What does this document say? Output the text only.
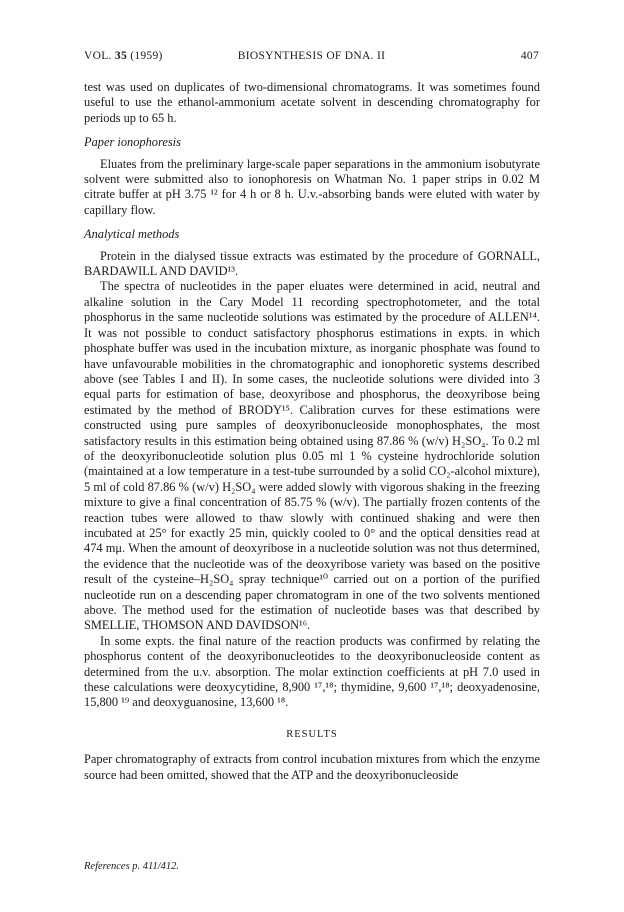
VOL. 35 (1959)	BIOSYNTHESIS OF DNA. II	407

test was used on duplicates of two-dimensional chromatograms. It was sometimes found useful to use the ethanol-ammonium acetate solvent in descending chromatography for periods up to 65 h.

Paper ionophoresis

Eluates from the preliminary large-scale paper separations in the ammonium isobutyrate solvent were submitted also to ionophoresis on Whatman No. 1 paper strips in 0.02 M citrate buffer at pH 3.75 ¹² for 4 h or 8 h. U.v.-absorbing bands were eluted with water by capillary flow.

Analytical methods

Protein in the dialysed tissue extracts was estimated by the procedure of GORNALL, BARDAWILL AND DAVID¹³.

The spectra of nucleotides in the paper eluates were determined in acid, neutral and alkaline solution in the Cary Model 11 recording spectrophotometer, and the total phosphorus in the same nucleotide solutions was estimated by the procedure of ALLEN¹⁴. It was not possible to conduct satisfactory phosphorus estimations in expts. in which phosphate buffer was used in the incubation mixture, as inorganic phosphate was found to have unfavourable mobilities in the chromatographic and ionophoretic systems described above (see Tables I and II). In some cases, the nucleotide solutions were divided into 3 equal parts for estimation of base, deoxyribose and phosphorus, the deoxyribose being estimated by the method of BRODY¹⁵. Calibration curves for these estimations were constructed using pure samples of deoxyribonucleoside monophosphates, the most satisfactory results in this estimation being obtained using 87.86 % (w/v) H₂SO₄. To 0.2 ml of the deoxyribonucleotide solution plus 0.05 ml 1 % cysteine hydrochloride solution (maintained at a low temperature in a test-tube surrounded by a solid CO₂-alcohol mixture), 5 ml of cold 87.86 % (w/v) H₂SO₄ were added slowly with vigorous shaking in the freezing mixture to give a final concentration of 85.75 % (w/v). The partially frozen contents of the reaction tubes were allowed to thaw slowly with continued shaking and were then incubated at 25° for exactly 25 min, quickly cooled to 0° and the optical densities read at 474 mμ. When the amount of deoxyribose in a nucleotide solution was not thus determined, the evidence that the nucleotide was of the deoxyribose variety was based on the positive result of the cysteine–H₂SO₄ spray technique¹⁰ carried out on a portion of the purified nucleotide run on a descending paper chromatogram in one of the two solvents mentioned above. The method used for the estimation of nucleotide bases was that described by SMELLIE, THOMSON AND DAVIDSON¹⁶.

In some expts. the final nature of the reaction products was confirmed by relating the phosphorus content of the deoxyribonucleotides to the deoxyribonucleoside content as determined from the u.v. absorption. The molar extinction coefficients at pH 7.0 used in these calculations were deoxycytidine, 8,900 ¹⁷,¹⁸; thymidine, 9,600 ¹⁷,¹⁸; deoxyadenosine, 15,800 ¹⁹ and deoxyguanosine, 13,600 ¹⁸.

RESULTS

Paper chromatography of extracts from control incubation mixtures from which the enzyme source had been omitted, showed that the ATP and the deoxyribonucleoside

References p. 411/412.
